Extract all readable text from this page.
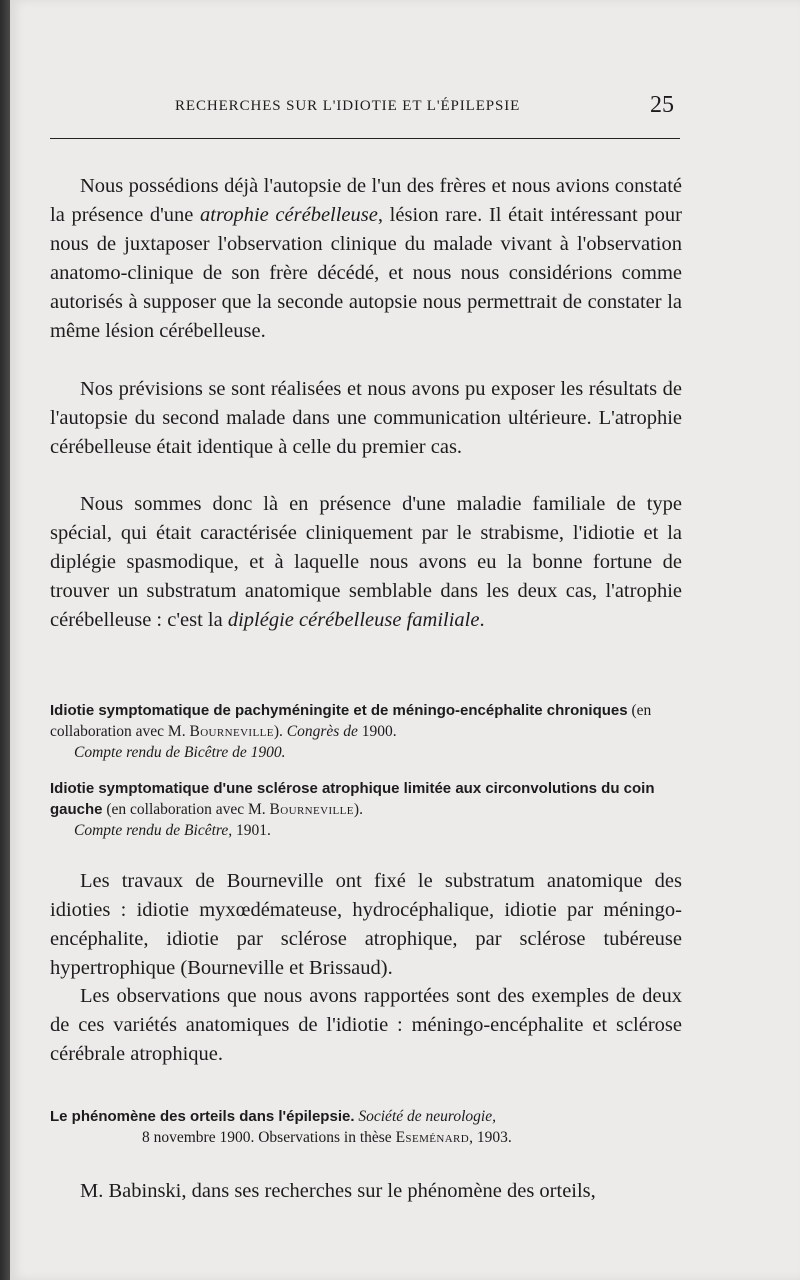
RECHERCHES SUR L'IDIOTIE ET L'ÉPILEPSIE	25

Nous possédions déjà l'autopsie de l'un des frères et nous avions constaté la présence d'une atrophie cérébelleuse, lésion rare. Il était intéressant pour nous de juxtaposer l'observation clinique du malade vivant à l'observation anatomo-clinique de son frère décédé, et nous nous considérions comme autorisés à supposer que la seconde autopsie nous permettrait de constater la même lésion cérébelleuse.

Nos prévisions se sont réalisées et nous avons pu exposer les résultats de l'autopsie du second malade dans une communication ultérieure. L'atrophie cérébelleuse était identique à celle du premier cas.

Nous sommes donc là en présence d'une maladie familiale de type spécial, qui était caractérisée cliniquement par le strabisme, l'idiotie et la diplégie spasmodique, et à laquelle nous avons eu la bonne fortune de trouver un substratum anatomique semblable dans les deux cas, l'atrophie cérébelleuse : c'est la diplégie cérébelleuse familiale.

Idiotie symptomatique de pachyméningite et de méningo-encéphalite chroniques (en collaboration avec M. Bourneville). Congrès de 1900.
Compte rendu de Bicêtre de 1900.
Idiotie symptomatique d'une sclérose atrophique limitée aux circonvolutions du coin gauche (en collaboration avec M. Bourneville).
Compte rendu de Bicêtre, 1901.

Les travaux de Bourneville ont fixé le substratum anatomique des idioties : idiotie myxœdémateuse, hydrocéphalique, idiotie par méningo-encéphalite, idiotie par sclérose atrophique, par sclérose tubéreuse hypertrophique (Bourneville et Brissaud).

Les observations que nous avons rapportées sont des exemples de deux de ces variétés anatomiques de l'idiotie : méningo-encéphalite et sclérose cérébrale atrophique.

Le phénomène des orteils dans l'épilepsie. Société de neurologie,
8 novembre 1900. Observations in thèse Eseménard, 1903.

M. Babinski, dans ses recherches sur le phénomène des orteils,
